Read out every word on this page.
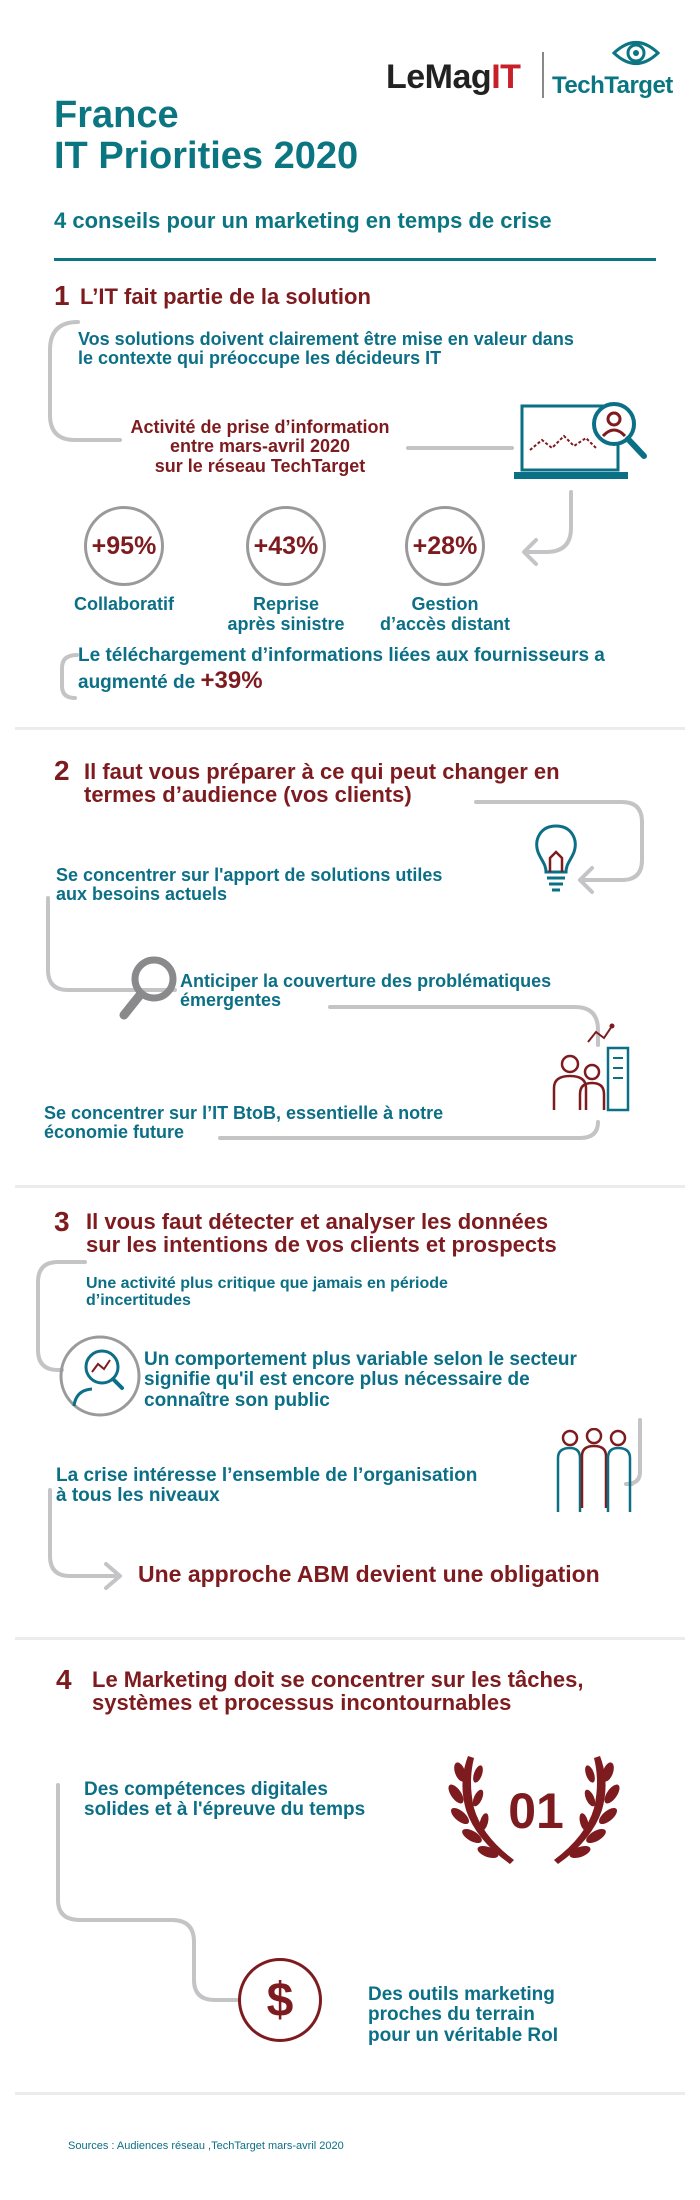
LeMagIT TechTarget
France
IT Priorities 2020
4 conseils pour un marketing en temps de crise
1 L’IT fait partie de la solution
Vos solutions doivent clairement être mise en valeur dans
le contexte qui préoccupe les décideurs IT
Activité de prise d’information
entre mars-avril 2020
sur le réseau TechTarget
+95%
Collaboratif
+43%
Reprise
après sinistre
+28%
Gestion
d’accès distant
Le téléchargement d’informations liées aux fournisseurs a
augmenté de +39%
2 Il faut vous préparer à ce qui peut changer en
termes d’audience (vos clients)
Se concentrer sur l'apport de solutions utiles
aux besoins actuels
Anticiper la couverture des problématiques
émergentes
Se concentrer sur l’IT BtoB, essentielle à notre
économie future
3 Il vous faut détecter et analyser les données
sur les intentions de vos clients et prospects
Une activité plus critique que jamais en période
d’incertitudes
Un comportement plus variable selon le secteur
signifie qu'il est encore plus nécessaire de
connaître son public
La crise intéresse l’ensemble de l’organisation
à tous les niveaux
Une approche ABM devient une obligation
4 Le Marketing doit se concentrer sur les tâches,
systèmes et processus incontournables
Des compétences digitales
solides et à l'épreuve du temps	01
$	Des outils marketing
proches du terrain
pour un véritable RoI
Sources : Audiences réseau ,TechTarget mars-avril 2020
